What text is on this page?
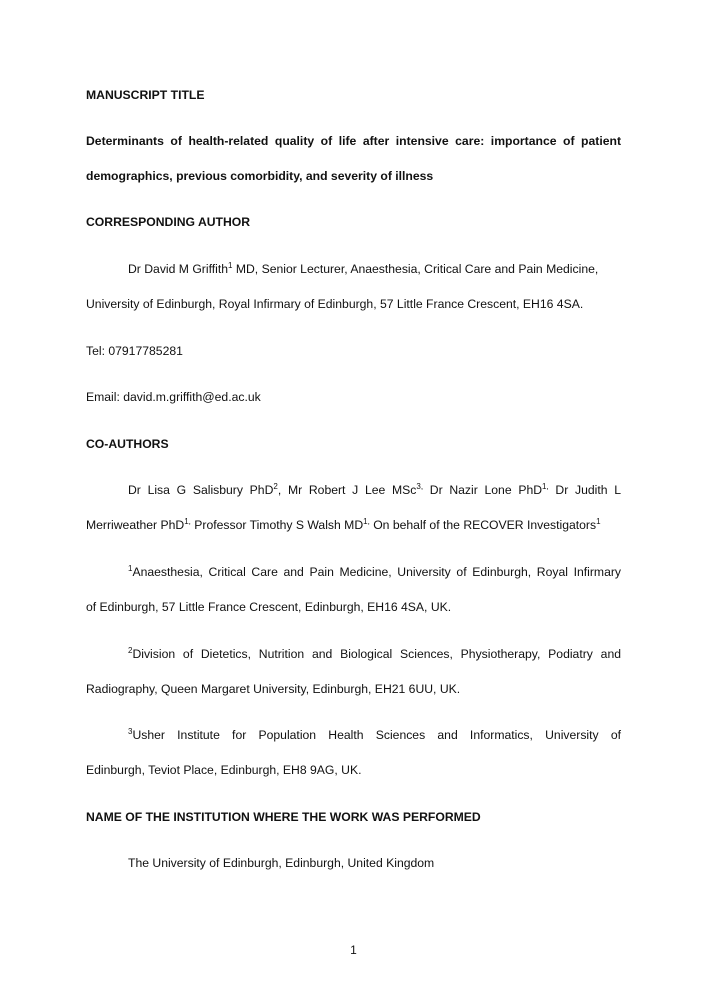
MANUSCRIPT TITLE

Determinants of health-related quality of life after intensive care: importance of patient

demographics, previous comorbidity, and severity of illness

CORRESPONDING AUTHOR

Dr David M Griffith$^1$ MD, Senior Lecturer, Anaesthesia, Critical Care and Pain Medicine,

University of Edinburgh, Royal Infirmary of Edinburgh, 57 Little France Crescent, EH16 4SA.

Tel: 07917785281

Email: david.m.griffith@ed.ac.uk

CO-AUTHORS

Dr Lisa G Salisbury PhD$^2$, Mr Robert J Lee MSc$^{3,}$ Dr Nazir Lone PhD$^{1,}$ Dr Judith L

Merriweather PhD$^{1,}$ Professor Timothy S Walsh $MD^{1,}$ On behalf of the RECOVER Investigators$^1$

$^1$Anaesthesia, Critical Care and Pain Medicine, University of Edinburgh, Royal Infirmary

of Edinburgh, 57 Little France Crescent, Edinburgh, EH16 4SA, UK.

$^2$Division of Dietetics, Nutrition and Biological Sciences, Physiotherapy, Podiatry and

Radiography, Queen Margaret University, Edinburgh, EH21 6UU, UK.

$^3$Usher Institute for Population Health Sciences and Informatics, University of

Edinburgh, Teviot Place, Edinburgh, EH8 9AG, UK.

NAME OF THE INSTITUTION WHERE THE WORK WAS PERFORMED

The University of Edinburgh, Edinburgh, United Kingdom

1
